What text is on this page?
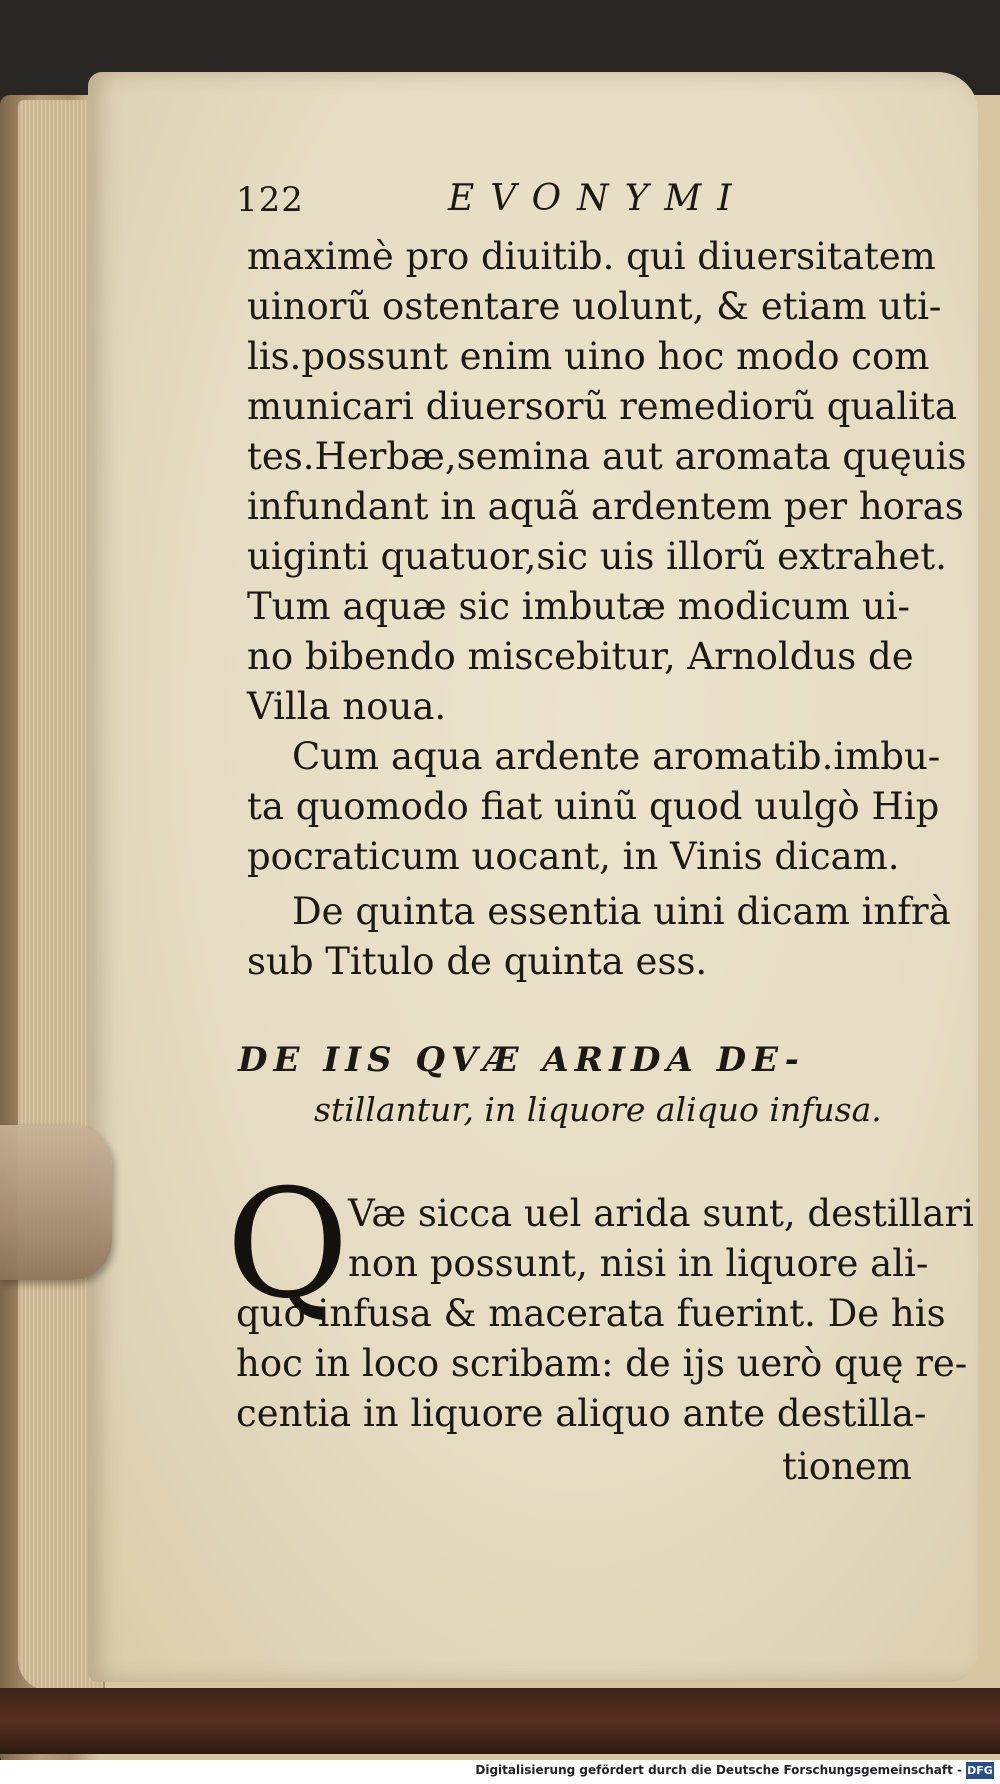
122	EVONYMI
maximè pro diuitib. qui diuersitatem
uinorũ ostentare uolunt, & etiam uti-
lis.possunt enim uino hoc modo com
municari diuersorũ remediorũ qualita
tes.Herbæ,semina aut aromata quęuis
infundant in aquã ardentem per horas
uiginti quatuor,sic uis illorũ extrahet.
Tum aquæ sic imbutæ modicum ui-
no bibendo miscebitur, Arnoldus de
Villa noua.
Cum aqua ardente aromatib.imbu-
ta quomodo fiat uinũ quod uulgò Hip
pocraticum uocant, in Vinis dicam.
De quinta essentia uini dicam infrà
sub Titulo de quinta ess.
DE IIS QVÆ ARIDA DE-
stillantur, in liquore aliquo infusa.
Q Væ sicca uel arida sunt, destillari
non possunt, nisi in liquore ali-
quo infusa & macerata fuerint. De his
hoc in loco scribam: de ijs uerò quę re-
centia in liquore aliquo ante destilla-
tionem
Digitalisierung gefördert durch die Deutsche Forschungsgemeinschaft - DFG
